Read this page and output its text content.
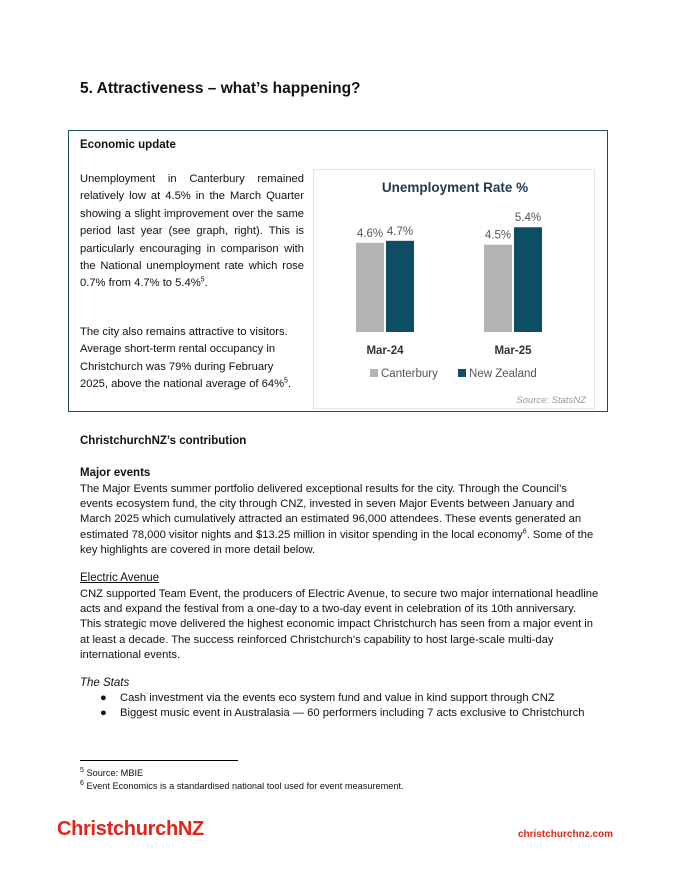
5. Attractiveness – what’s happening?
Economic update

Unemployment in Canterbury remained relatively low at 4.5% in the March Quarter showing a slight improvement over the same period last year (see graph, right). This is particularly encouraging in comparison with the National unemployment rate which rose 0.7% from 4.7% to 5.4%$^5$.

The city also remains attractive to visitors. Average short-term rental occupancy in Christchurch was 79% during February 2025, above the national average of 64%$^5$.

Unemployment Rate %
4.6% 4.7%
Mar-24
4.5%
5.4%
Mar-25
Canterbury	New Zealand
Source: StatsNZ
ChristchurchNZ’s contribution
Major events

The Major Events summer portfolio delivered exceptional results for the city. Through the Council’s events ecosystem fund, the city through CNZ, invested in seven Major Events between January and March 2025 which cumulatively attracted an estimated 96,000 attendees. These events generated an estimated 78,000 visitor nights and $13.25 million in visitor spending in the local economy$^6$. Some of the key highlights are covered in more detail below.

Electric Avenue

CNZ supported Team Event, the producers of Electric Avenue, to secure two major international headline acts and expand the festival from a one-day to a two-day event in celebration of its 10th anniversary. This strategic move delivered the highest economic impact Christchurch has seen from a major event in at least a decade. The success reinforced Christchurch’s capability to host large-scale multi-day international events.

The Stats
● Cash investment via the events eco system fund and value in kind support through CNZ
● Biggest music event in Australasia — 60 performers including 7 acts exclusive to Christchurch
$^5$ Source: MBIE
$^6$ Event Economics is a standardised national tool used for event measurement.
ChristchurchNZ	christchurchnz.com
